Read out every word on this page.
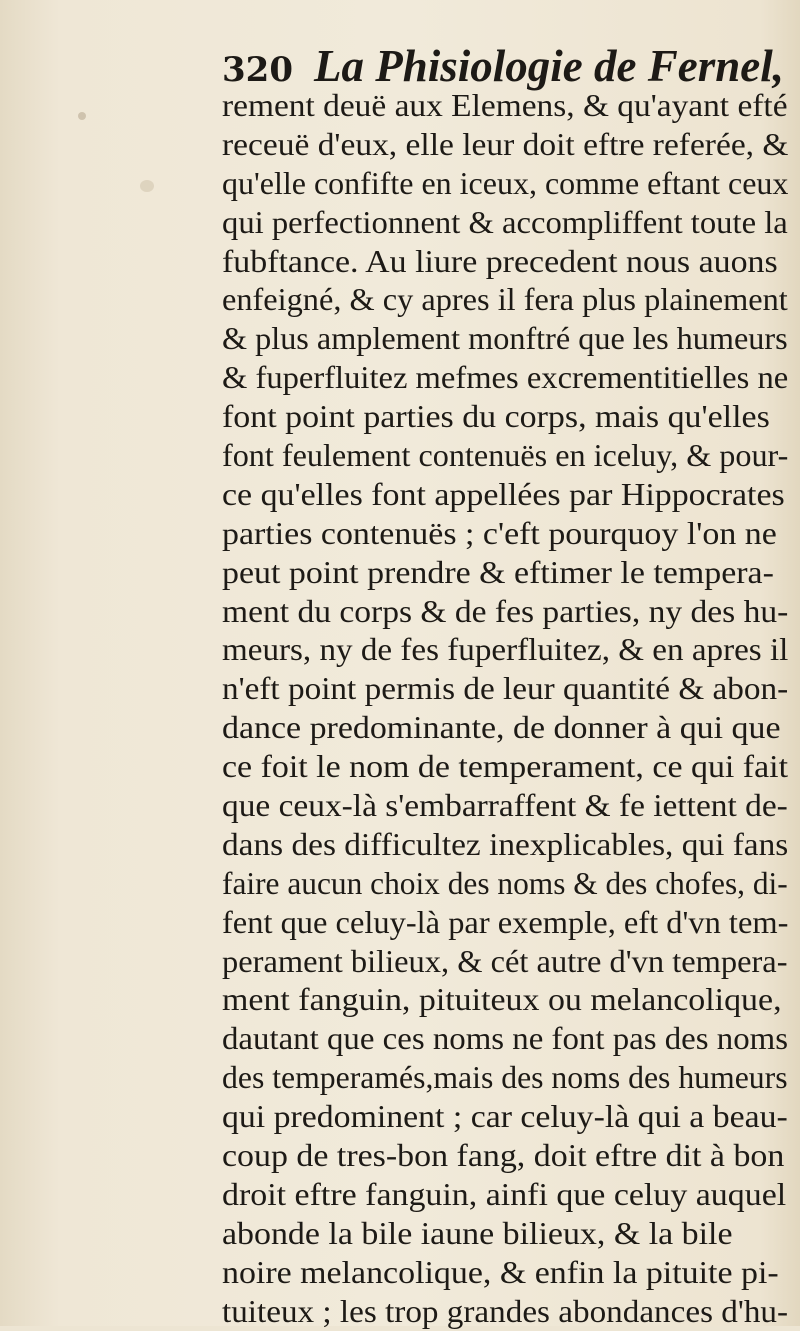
320 La Phisiologie de Fernel,
rement deuë aux Elemens, & qu'ayant efté
receuë d'eux, elle leur doit eftre referée, &
qu'elle confifte en iceux, comme eftant ceux
qui perfectionnent & accompliffent toute la
fubftance. Au liure precedent nous auons
enfeigné, & cy apres il fera plus plainement
& plus amplement monftré que les humeurs
& fuperfluitez mefmes excrementitielles ne
font point parties du corps, mais qu'elles
font feulement contenuës en iceluy, & pour-
ce qu'elles font appellées par Hippocrates
parties contenuës ; c'eft pourquoy l'on ne
peut point prendre & eftimer le tempera-
ment du corps & de fes parties, ny des hu-
meurs, ny de fes fuperfluitez, & en apres il
n'eft point permis de leur quantité & abon-
dance predominante, de donner à qui que
ce foit le nom de temperament, ce qui fait
que ceux-là s'embarraffent & fe iettent de-
dans des difficultez inexplicables, qui fans
faire aucun choix des noms & des chofes, di-
fent que celuy-là par exemple, eft d'vn tem-
perament bilieux, & cét autre d'vn tempera-
ment fanguin, pituiteux ou melancolique,
dautant que ces noms ne font pas des noms
des temperamés,mais des noms des humeurs
qui predominent ; car celuy-là qui a beau-
coup de tres-bon fang, doit eftre dit à bon
droit eftre fanguin, ainfi que celuy auquel
abonde la bile iaune bilieux, & la bile
noire melancolique, & enfin la pituite pi-
tuiteux ; les trop grandes abondances d'hu-
